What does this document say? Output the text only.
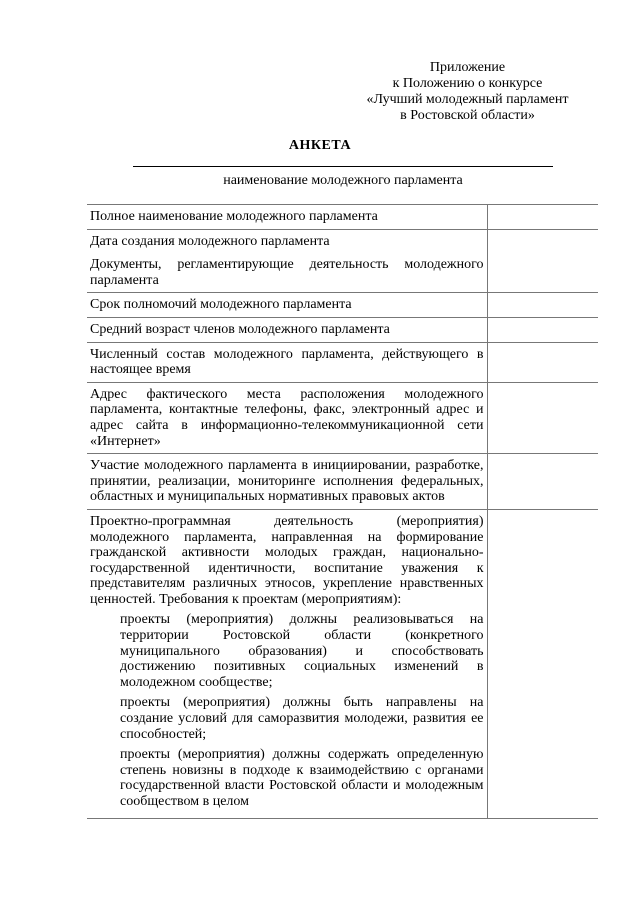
Приложение
к Положению о конкурсе
«Лучший молодежный парламент
в Ростовской области»
АНКЕТА
наименование молодежного парламента
Полное наименование молодежного парламента	
Дата создания молодежного парламента	
Документы, регламентирующие деятельность молодежного парламента	
Срок полномочий молодежного парламента	
Средний возраст членов молодежного парламента	
Численный состав молодежного парламента, действующего в настоящее время	
Адрес фактического места расположения молодежного парламента, контактные телефоны, факс, электронный адрес и адрес сайта в информационно-телекоммуникационной сети «Интернет»	
Участие молодежного парламента в инициировании, разработке, принятии, реализации, мониторинге исполнения федеральных, областных и муниципальных нормативных правовых актов	

Проектно-программная деятельность (мероприятия) молодежного парламента, направленная на формирование гражданской активности молодых граждан, национально-государственной идентичности, воспитание уважения к представителям различных этносов, укрепление нравственных ценностей. Требования к проектам (мероприятиям):

проекты (мероприятия) должны реализовываться на территории Ростовской области (конкретного муниципального образования) и способствовать достижению позитивных социальных изменений в молодежном сообществе;

проекты (мероприятия) должны быть направлены на создание условий для саморазвития молодежи, развития ее способностей;

проекты (мероприятия) должны содержать определенную степень новизны в подходе к взаимодействию с органами государственной власти Ростовской области и молодежным сообществом в целом	
